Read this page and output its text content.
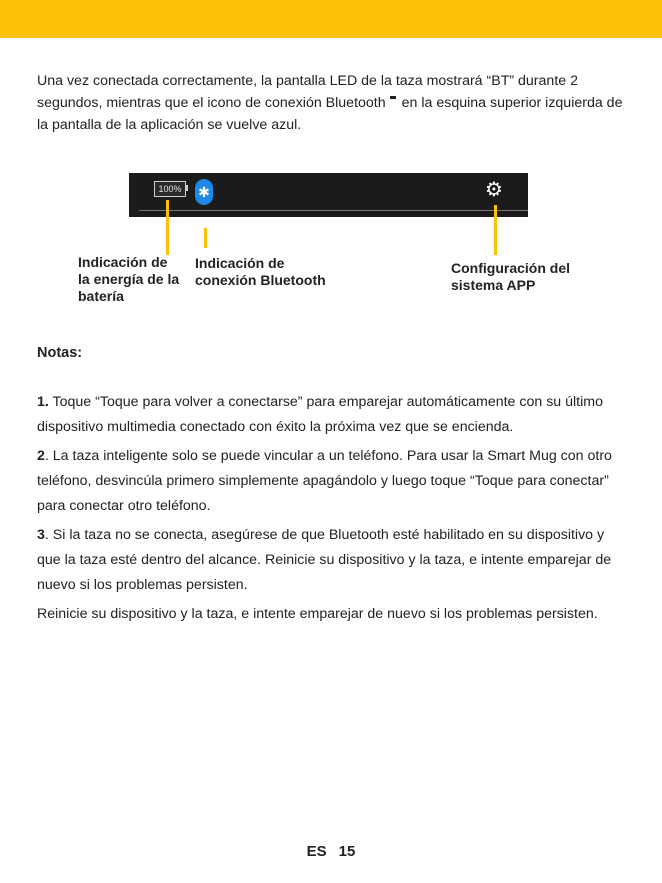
Una vez conectada correctamente, la pantalla LED de la taza mostrará “BT” durante 2 segundos, mientras que el icono de conexión Bluetooth en la esquina superior izquierda de la pantalla de la aplicación se vuelve azul.

100%	✱	⚙

Indicación de
la energía de la
batería

Indicación de
conexión Bluetooth

Configuración del
sistema APP

Notas:

1. Toque “Toque para volver a conectarse” para emparejar automáticamente con su último dispositivo multimedia conectado con éxito la próxima vez que se encienda.

2. La taza inteligente solo se puede vincular a un teléfono. Para usar la Smart Mug con otro teléfono, desvincúla primero simplemente apagándolo y luego toque “Toque para conectar” para conectar otro teléfono.

3. Si la taza no se conecta, asegúrese de que Bluetooth esté habilitado en su dispositivo y que la taza esté dentro del alcance. Reinicie su dispositivo y la taza, e intente emparejar de nuevo si los problemas persisten.

Reinicie su dispositivo y la taza, e intente emparejar de nuevo si los problemas persisten.

ES 15
